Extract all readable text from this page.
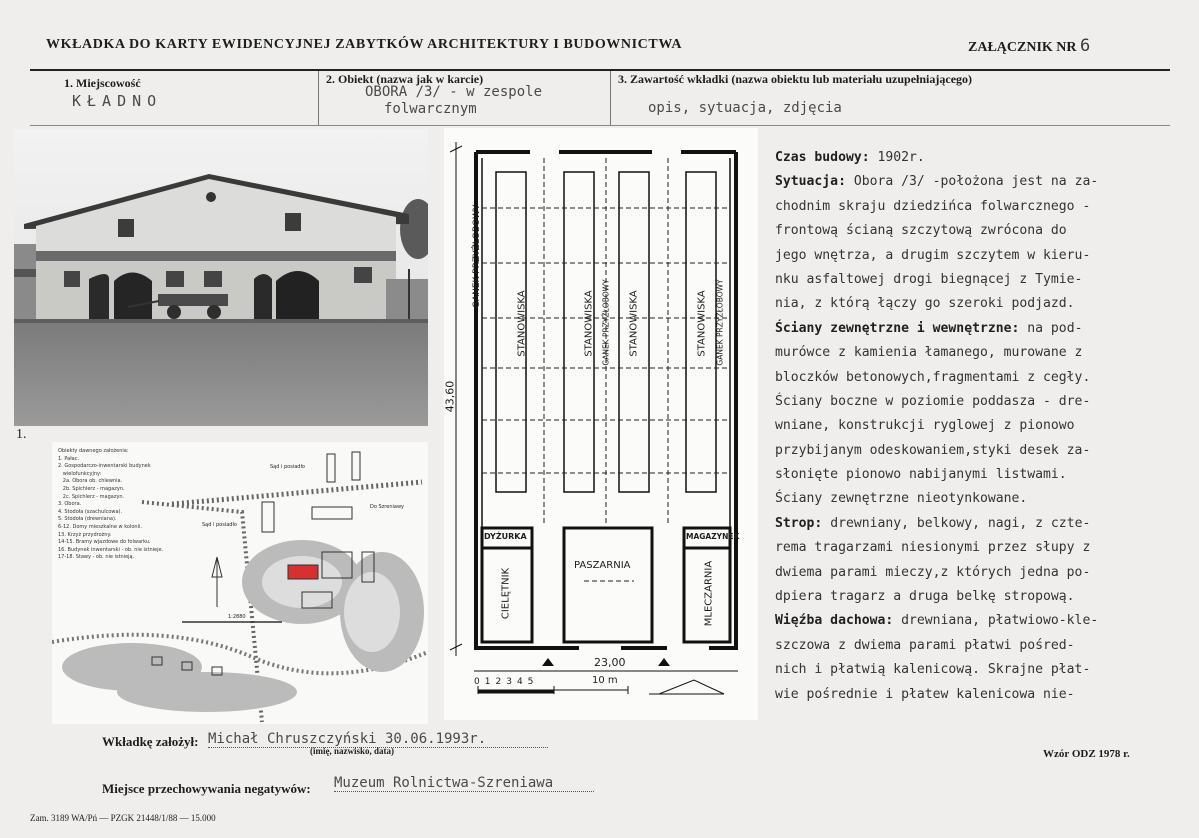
WKŁADKA DO KARTY EWIDENCYJNEJ ZABYTKÓW ARCHITEKTURY I BUDOWNICTWA	ZAŁĄCZNIK NR 6
1. Miejscowość
KŁADNO
2. Obiekt (nazwa jak w karcie)
OBORA /3/ - w zespole
folwarcznym
3. Zawartość wkładki (nazwa obiektu lub materiału uzupełniającego)
opis, sytuacja, zdjęcia
1.
Obiekty dawnego założenia:
1. Pałac.
2. Gospodarczo-inwentarski budynek
wielofunkcyjny:
2a. Obora ob. chlewnia.
2b. Spichlerz - magazyn.
2c. Spichlerz - magazyn.
3. Obora.
4. Stodoła (szachulcowa).
5. Stodoła (drewniana).
6-12. Domy mieszkalne w kolonii.
13. Krzyż przydrożny.
14-15. Bramy wjazdowe do folwarku.
16. Budynek inwentarski - ob. nie istnieje.
17-18. Stawy - ob. nie istnieją.
Sąd i posiadło
Sąd i posiadło
Do Szreniawy
1:2880
43,60
23,00
012345	10 m
GANEK PRZYŻŁOBOWY
STANOWISKA	STANOWISKA GANEK PRZYŻŁOBOWY STANOWISKA	STANOWISKA GANEK PRZYŻŁOBOWY
DYŻURKA
CIELĘTNIK
PASZARNIA
MAGAZYNEK
MLECZARNIA
Czas budowy: 1902r.
Sytuacja: Obora /3/ -położona jest na za-
chodnim skraju dziedzińca folwarcznego -
frontową ścianą szczytową zwrócona do
jego wnętrza, a drugim szczytem w kieru-
nku asfaltowej drogi biegnącej z Tymie-
nia, z którą łączy go szeroki podjazd.
Ściany zewnętrzne i wewnętrzne: na pod-
murówce z kamienia łamanego, murowane z
bloczków betonowych,fragmentami z cegły.
Ściany boczne w poziomie poddasza - dre-
wniane, konstrukcji ryglowej z pionowo
przybijanym odeskowaniem,styki desek za-
słonięte pionowo nabijanymi listwami.
Ściany zewnętrzne nieotynkowane.
Strop: drewniany, belkowy, nagi, z czte-
rema tragarzami niesionymi przez słupy z
dwiema parami mieczy,z których jedna po-
dpiera tragarz a druga belkę stropową.
Więźba dachowa: drewniana, płatwiowo-kle-
szczowa z dwiema parami płatwi pośred-
nich i płatwią kalenicową. Skrajne płat-
wie pośrednie i płatew kalenicowa nie-
Wkładkę założył: Michał Chruszczyński 30.06.1993r.
(imię, nazwisko, data)	Wzór ODZ 1978 r.
Miejsce przechowywania negatywów: Muzeum Rolnictwa-Szreniawa
Zam. 3189 WA/Pń — PZGK 21448/1/88 — 15.000
